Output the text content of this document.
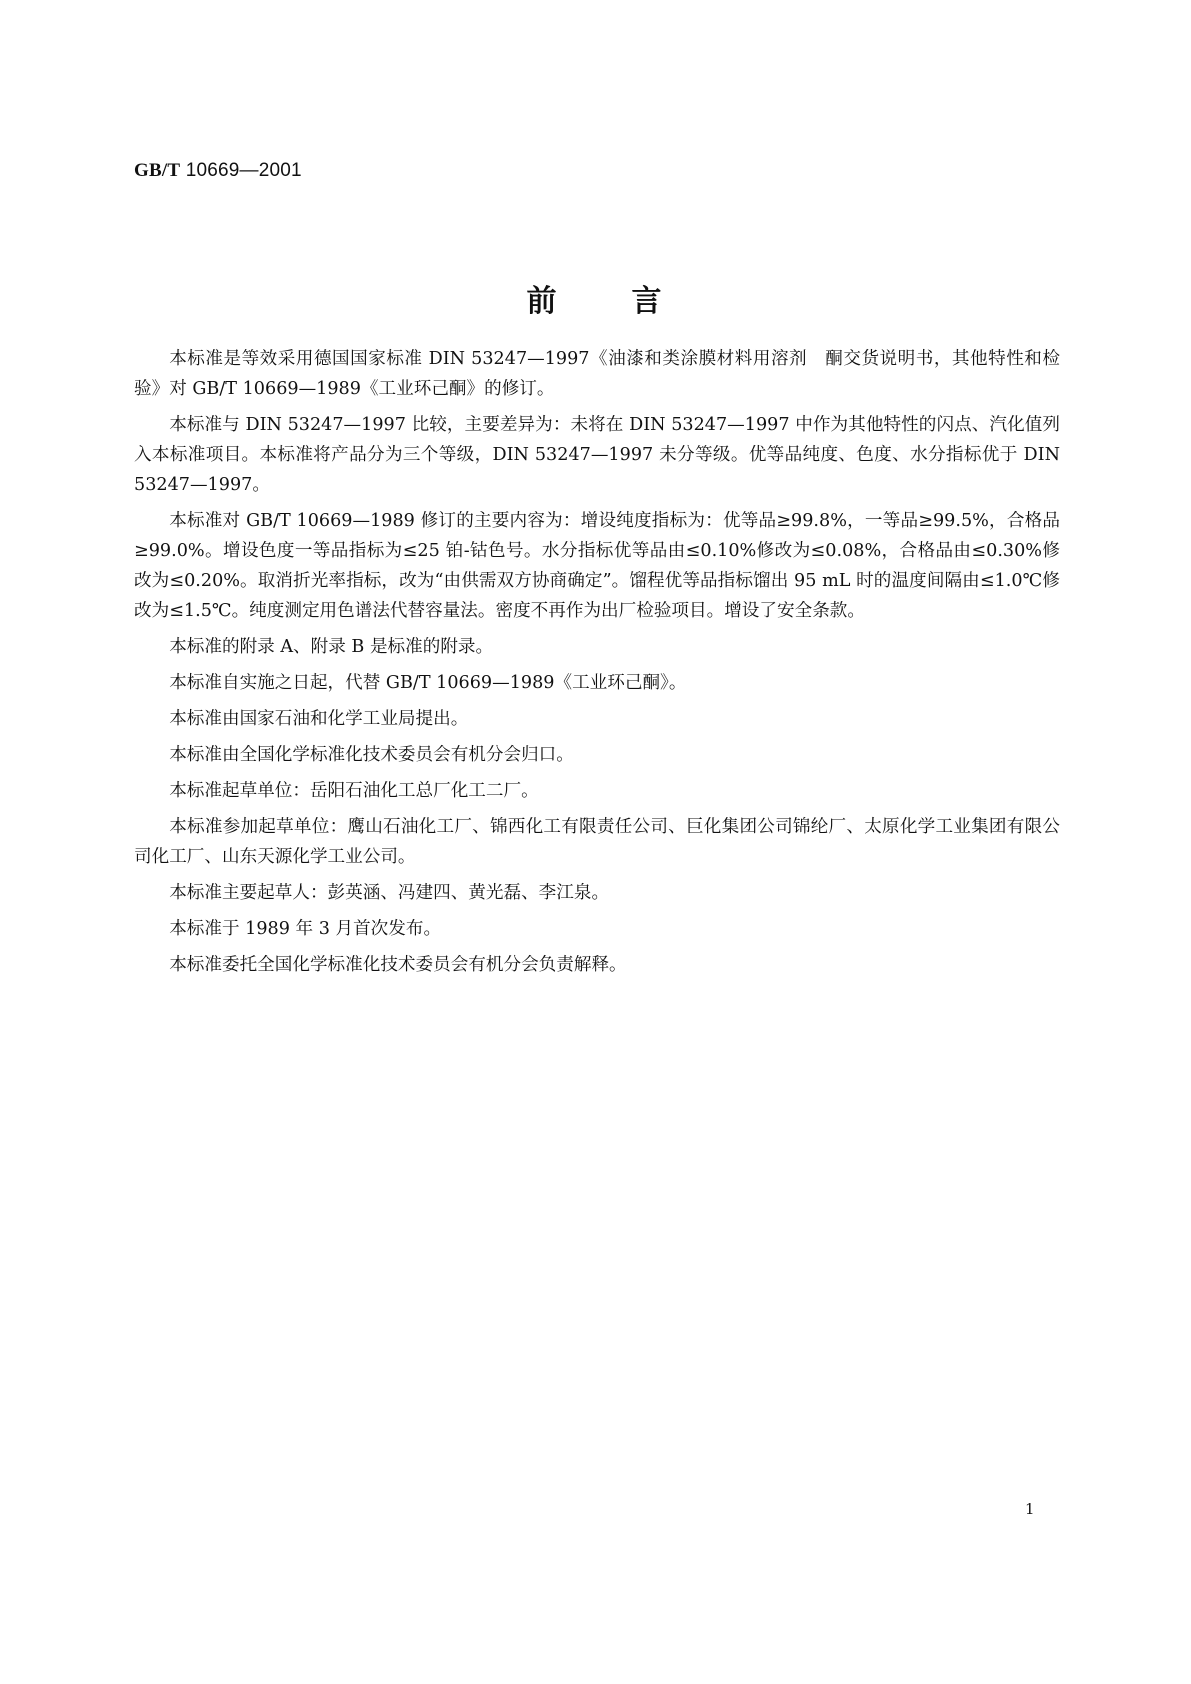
GB/T 10669—2001
前 言

本标准是等效采用德国国家标准 DIN 53247—1997《油漆和类涂膜材料用溶剂　酮交货说明书，其他特性和检验》对 GB/T 10669—1989《工业环己酮》的修订。

本标准与 DIN 53247—1997 比较，主要差异为：未将在 DIN 53247—1997 中作为其他特性的闪点、汽化值列入本标准项目。本标准将产品分为三个等级，DIN 53247—1997 未分等级。优等品纯度、色度、水分指标优于 DIN 53247—1997。

本标准对 GB/T 10669—1989 修订的主要内容为：增设纯度指标为：优等品≥99.8%，一等品≥99.5%，合格品≥99.0%。增设色度一等品指标为≤25 铂-钴色号。水分指标优等品由≤0.10%修改为≤0.08%，合格品由≤0.30%修改为≤0.20%。取消折光率指标，改为“由供需双方协商确定”。馏程优等品指标馏出 95 mL 时的温度间隔由≤1.0℃修改为≤1.5℃。纯度测定用色谱法代替容量法。密度不再作为出厂检验项目。增设了安全条款。

本标准的附录 A、附录 B 是标准的附录。

本标准自实施之日起，代替 GB/T 10669—1989《工业环己酮》。

本标准由国家石油和化学工业局提出。

本标准由全国化学标准化技术委员会有机分会归口。

本标准起草单位：岳阳石油化工总厂化工二厂。

本标准参加起草单位：鹰山石油化工厂、锦西化工有限责任公司、巨化集团公司锦纶厂、太原化学工业集团有限公司化工厂、山东天源化学工业公司。

本标准主要起草人：彭英涵、冯建四、黄光磊、李江泉。

本标准于 1989 年 3 月首次发布。

本标准委托全国化学标准化技术委员会有机分会负责解释。

1
